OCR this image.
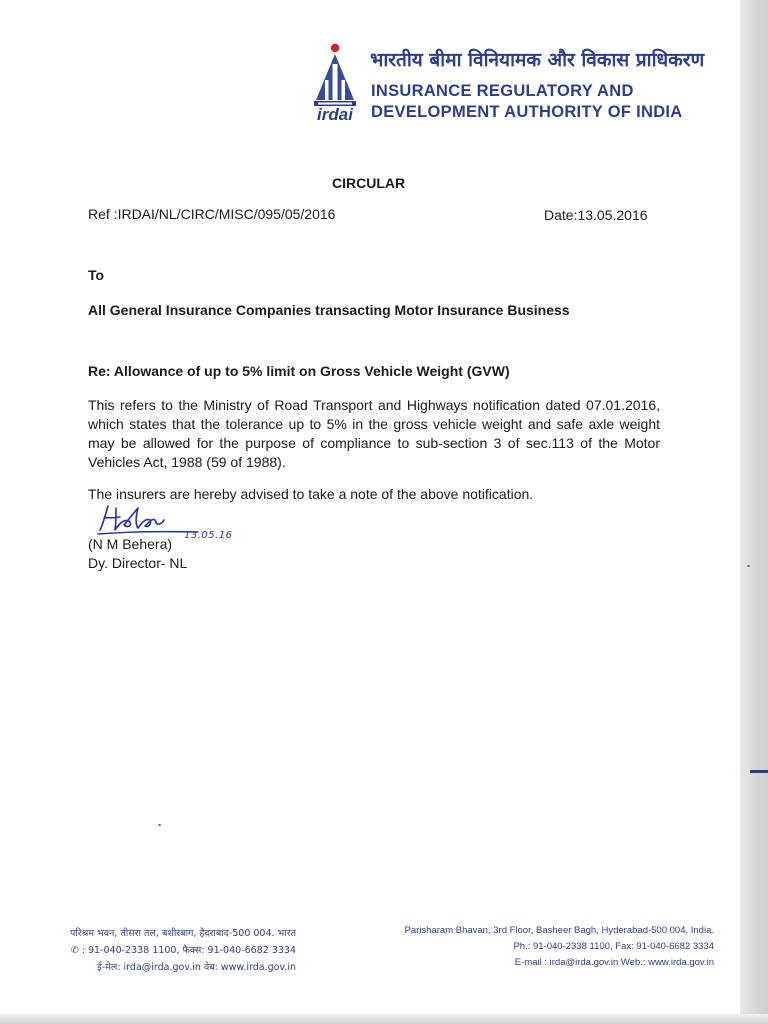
irdai
भारतीय बीमा विनियामक और विकास प्राधिकरण
INSURANCE REGULATORY AND
DEVELOPMENT AUTHORITY OF INDIA
CIRCULAR
Ref :IRDAI/NL/CIRC/MISC/095/05/2016	Date:13.05.2016
To
All General Insurance Companies transacting Motor Insurance Business
Re: Allowance of up to 5% limit on Gross Vehicle Weight (GVW)
This refers to the Ministry of Road Transport and Highways notification dated 07.01.2016, which states that the tolerance up to 5% in the gross vehicle weight and safe axle weight may be allowed for the purpose of compliance to sub-section 3 of sec.113 of the Motor Vehicles Act, 1988 (59 of 1988).
The insurers are hereby advised to take a note of the above notification.
13.05.16
(N M Behera)
Dy. Director- NL
परिश्रम भवन, तीसरा तल, बशीरबाग, हैदराबाद-500 004. भारत
✆ : 91-040-2338 1100, फैक्स: 91-040-6682 3334
ई-मेल: irda@irda.gov.in वेब: www.irda.gov.in
Parisharam Bhavan, 3rd Floor, Basheer Bagh, Hyderabad-500 004. India.
Ph.: 91-040-2338 1100, Fax: 91-040-6682 3334
E-mail : irda@irda.gov.in Web.: www.irda.gov.in
